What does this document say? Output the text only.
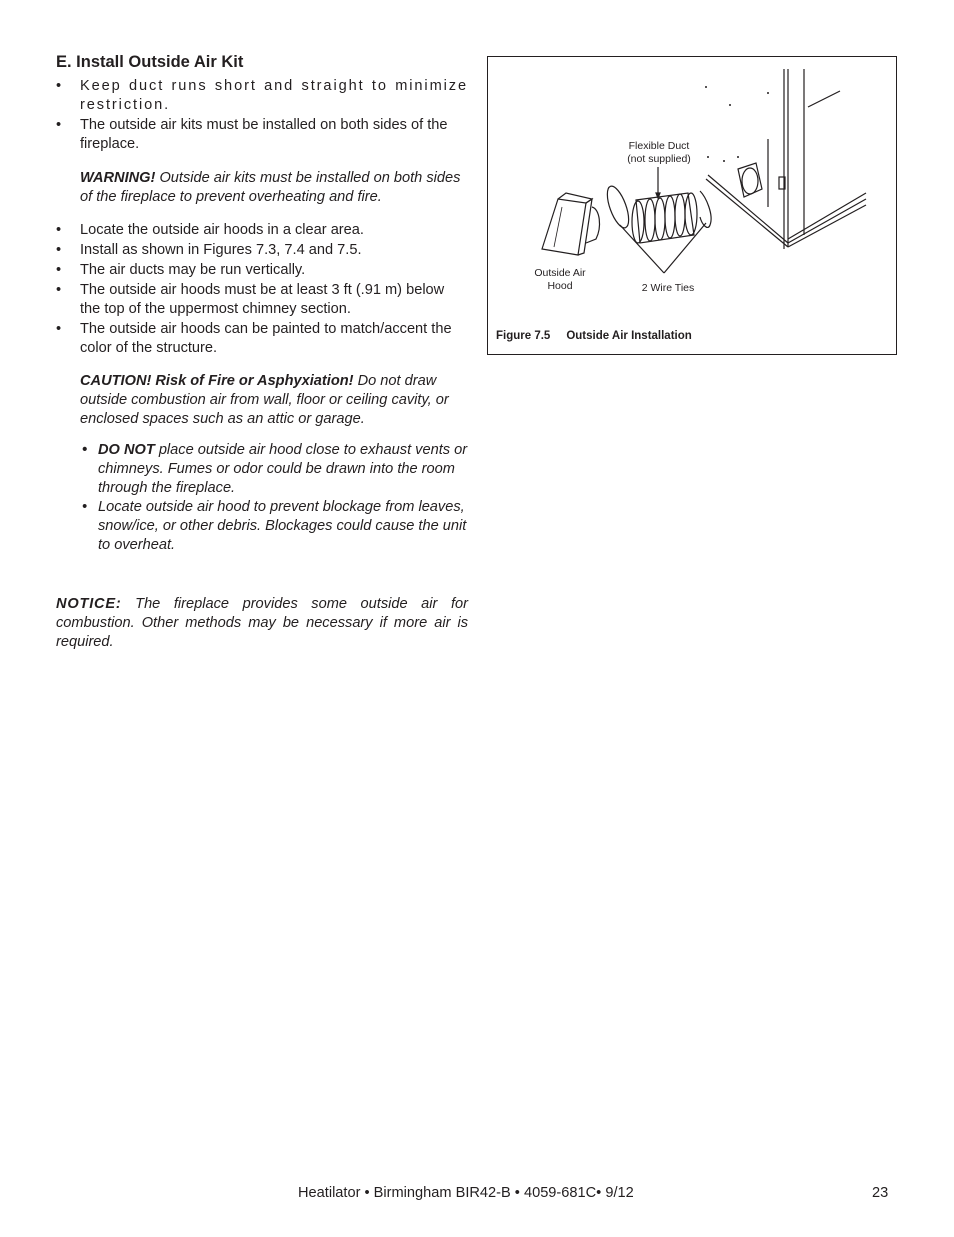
E. Install Outside Air Kit
• Keep duct runs short and straight to minimize restriction.
• The outside air kits must be installed on both sides of the fireplace.
WARNING! Outside air kits must be installed on both sides of the fireplace to prevent overheating and fire.
• Locate the outside air hoods in a clear area.
• Install as shown in Figures 7.3, 7.4 and 7.5.
• The air ducts may be run vertically.
• The outside air hoods must be at least 3 ft (.91 m) below the top of the uppermost chimney section.
• The outside air hoods can be painted to match/accent the color of the structure.
CAUTION! Risk of Fire or Asphyxiation! Do not draw outside combustion air from wall, floor or ceiling cavity, or enclosed spaces such as an attic or garage.
• DO NOT place outside air hood close to exhaust vents or chimneys. Fumes or odor could be drawn into the room through the fireplace.
• Locate outside air hood to prevent blockage from leaves, snow/ice, or other debris. Blockages could cause the unit to overheat.
NOTICE: The fireplace provides some outside air for combustion. Other methods may be necessary if more air is required.
Flexible Duct
(not supplied)
Outside Air
Hood	2 Wire Ties
Figure 7.5 Outside Air Installation
Heatilator • Birmingham BIR42-B • 4059-681C• 9/12	23
